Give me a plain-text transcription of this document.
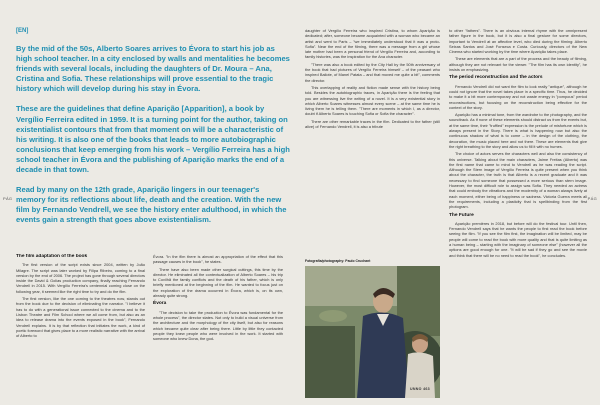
PÁG	PÁG
[EN]

By the mid of the 50s, Alberto Soares arrives to Évora to start his job as high school teacher. In a city enclosed by walls and mentalities he becomes friends with several locals, including the daughters of Dr. Moura – Ana, Cristina and Sofia. These relationships will prove essential to the tragic history which will develop during his stay in Évora.

These are the guidelines that define Aparição [Apparition], a book by Vergílio Ferreira edited in 1959. It is a turning point for the author, taking on existentialist contours that from that moment on will be a characteristic of his writing. It is also one of the books that leads to more autobiographic conclusions that keep emerging from his work – Vergílio Ferreira has a high school teacher in Évora and the publishing of Aparição marks the end of a decade in that town.

Read by many on the 12th grade, Aparição lingers in our teenager's memory for its reflections about life, death and the creation. With the new film by Fernando Vendrell, we see the history enter adulthood, in which the events gain a strength that goes above existentialism.

The film adaptation of the book

The first version of the script exists since 2004, written by João Milagre. The script was later worked by Filipa Ribeiro, coming to a final version by the end of 2006. The project has gone through several directors inside the David & Golias production company, finally reaching Fernando Vendrell in 2015. With Vergílio Ferreira's centennial coming close on the following year, it seemed like the right time to try and do the film.

The first version, like the one coming to the theatres now, stands out from the book due to the decision of eliminating the narrator. "I believe it has to do with a generational issue connected to the cinema and to the Lisbon Theatre and Film School where we all come from, but also as an idea to release drama into the events exposed in the book", Fernando Vendrell explains. It is by that reflection that initiates the work, a kind of poetic foreword that gives place to a more realistic narrative with the arrival of Alberto to

Évora. "In the film there is almost an appropriation of the effect that this passage causes in the book", he states.

There have also been made other surgical cuttings, this time by the director. He eliminated all the contextualization of Alberto Soares – his trip to Covilhã the family conflicts and the death of his father, which is only briefly mentioned at the beginning of the film. He wanted to focus just on the exploration of the drama occurred in Évora, which is, on its own, already quite strong.

Évora

"The decision to take the production to Évora was fundamental for the whole process", the director states. Not only to build a visual universe from the architecture and the morphology of the city itself, but also for reasons which became quite clear after being there. Little by little they contacted people they knew people who were involved in the work. It started with someone who knew Dona, the god-

daughter of Vergílio Ferreira who inspired Cristina, to whom Aparição is dedicated; after, someone became acquainted with a woman who became an artist and went to Paris – "we immediately understood that it was a proto-Sofia". Near the end of the filming, there was a message from a girl whose late mother had been a personal friend of Vergílio Ferreira and, according to family histories, was the inspiration for the Ana character.

"There was also a book edited by the City Hall by the 50th anniversary of the book that had pictures of Vergílio Ferreira himself – of the peasant who inspired Bailote, of Manel Patata – and that moved me quite a bit", comments the director.

This overlapping of reality and fiction made sense with the history being told. Besides the autobiographic traces, in Aparição there is the feeling that you are witnessing live the writing of a novel. It is a very existential story in which Alberto Soares witnesses almost every scene – at the same time he is living them he is telling them. "There are moments in which I, as a director, doubt if Alberto Soares is touching Sofia or Sofia the character".

There are other remarkable traces in the film. Dedicated to the father (still alive) of Fernando Vendrell, it is also a tribute

Fotografia/photography: Paulo Cruchant

to other "fathers". There is an obvious internal rhyme with the omnipresent father figure in the book, but it is also a final gesture for some directors, important to Vendrell at an affective level, who died during the filming: Alberto Seixas Santos and José Fonseca e Costa. Curiously, directors of the New Cinema who started working by the time where Aparição takes place.

These are elements that are a part of the process and the beauty of filming, although they are not relevant for the viewer. "The film has its own identity", he insists on emphasizing.

The period reconstruction and the actors

Fernando Vendrell did not want the film to look really "antique", although he could not ignore that the novel takes place in a specific time. Thus, he decided to make it a bit more contemporary and not waste energy in "pompous" period reconstructions, but focusing on the reconstruction being effective for the context of the story.

Aparição has a minimal tone, from the wardrobe to the photography, and the soundtrack. As if none of these elements should distract us from the events but, at the same time, their "truffled" expression is the prelude of misfortune which is always present in the Story. There is what is happening now but also the continuous shadow of what is to come – in the design of the clothing, the decoration, the music placed here and not there. These are elements that give the right breathing to the story and allow us to fill it with no humes.

The choice of actors serves the characters well and also the consistency of this universe. Talking about the main characters, Jaime Freitas (Alberto) was the first name that came to mind to Vendrell as he was reading the script. Although the Stern image of Vergílio Ferreira is quite present when you think about the character, the truth is that Alberto is a recent graduate and it was necessary to find someone that possessed a more serious than stern image. However, the most difficult role to assign was Sofia. They needed an actress that could embody the vibrations and the modernity of a woman always lively at each moment, either being of happiness or sadness. Victoria Guerra meets all the requirements, including a plasticity that is spellbinding from the first photogram.

The Future

Aparição premières in 2018, but before will do the festival tour. Until then, Fernando Vendrell says that he wants the people to first read the book before seeing the film. "If you see the film first, the imagination will be limited, may be people will come to read the book with more quality and that is quite limiting as a human being – starting with the imaginary of someone else" (however all the options are good enough for one. "It will be sad if they go and see the movie and think that there will be no need to read the book", he concludes.

UNNO 463
